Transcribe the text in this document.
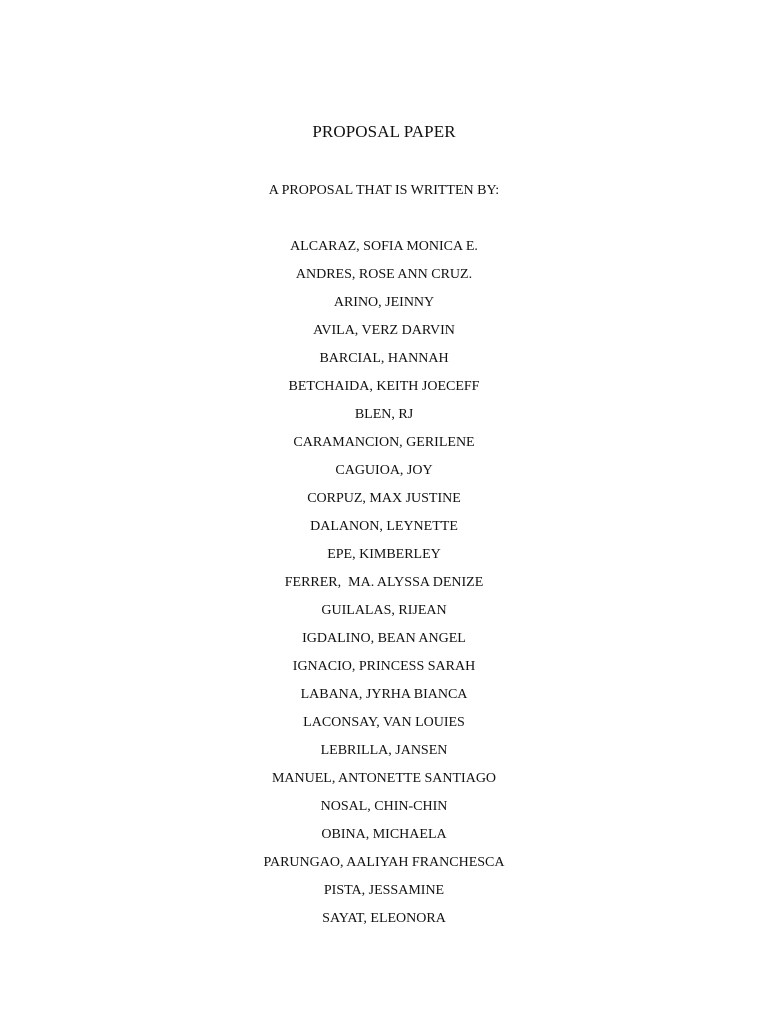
PROPOSAL PAPER
A PROPOSAL THAT IS WRITTEN BY:
ALCARAZ, SOFIA MONICA E.
ANDRES, ROSE ANN CRUZ.
ARINO, JEINNY
AVILA, VERZ DARVIN
BARCIAL, HANNAH
BETCHAIDA, KEITH JOECEFF
BLEN, RJ
CARAMANCION, GERILENE
CAGUIOA, JOY
CORPUZ, MAX JUSTINE
DALANON, LEYNETTE
EPE, KIMBERLEY
FERRER,  MA. ALYSSA DENIZE
GUILALAS, RIJEAN
IGDALINO, BEAN ANGEL
IGNACIO, PRINCESS SARAH
LABANA, JYRHA BIANCA
LACONSAY, VAN LOUIES
LEBRILLA, JANSEN
MANUEL, ANTONETTE SANTIAGO
NOSAL, CHIN-CHIN
OBINA, MICHAELA
PARUNGAO, AALIYAH FRANCHESCA
PISTA, JESSAMINE
SAYAT, ELEONORA
